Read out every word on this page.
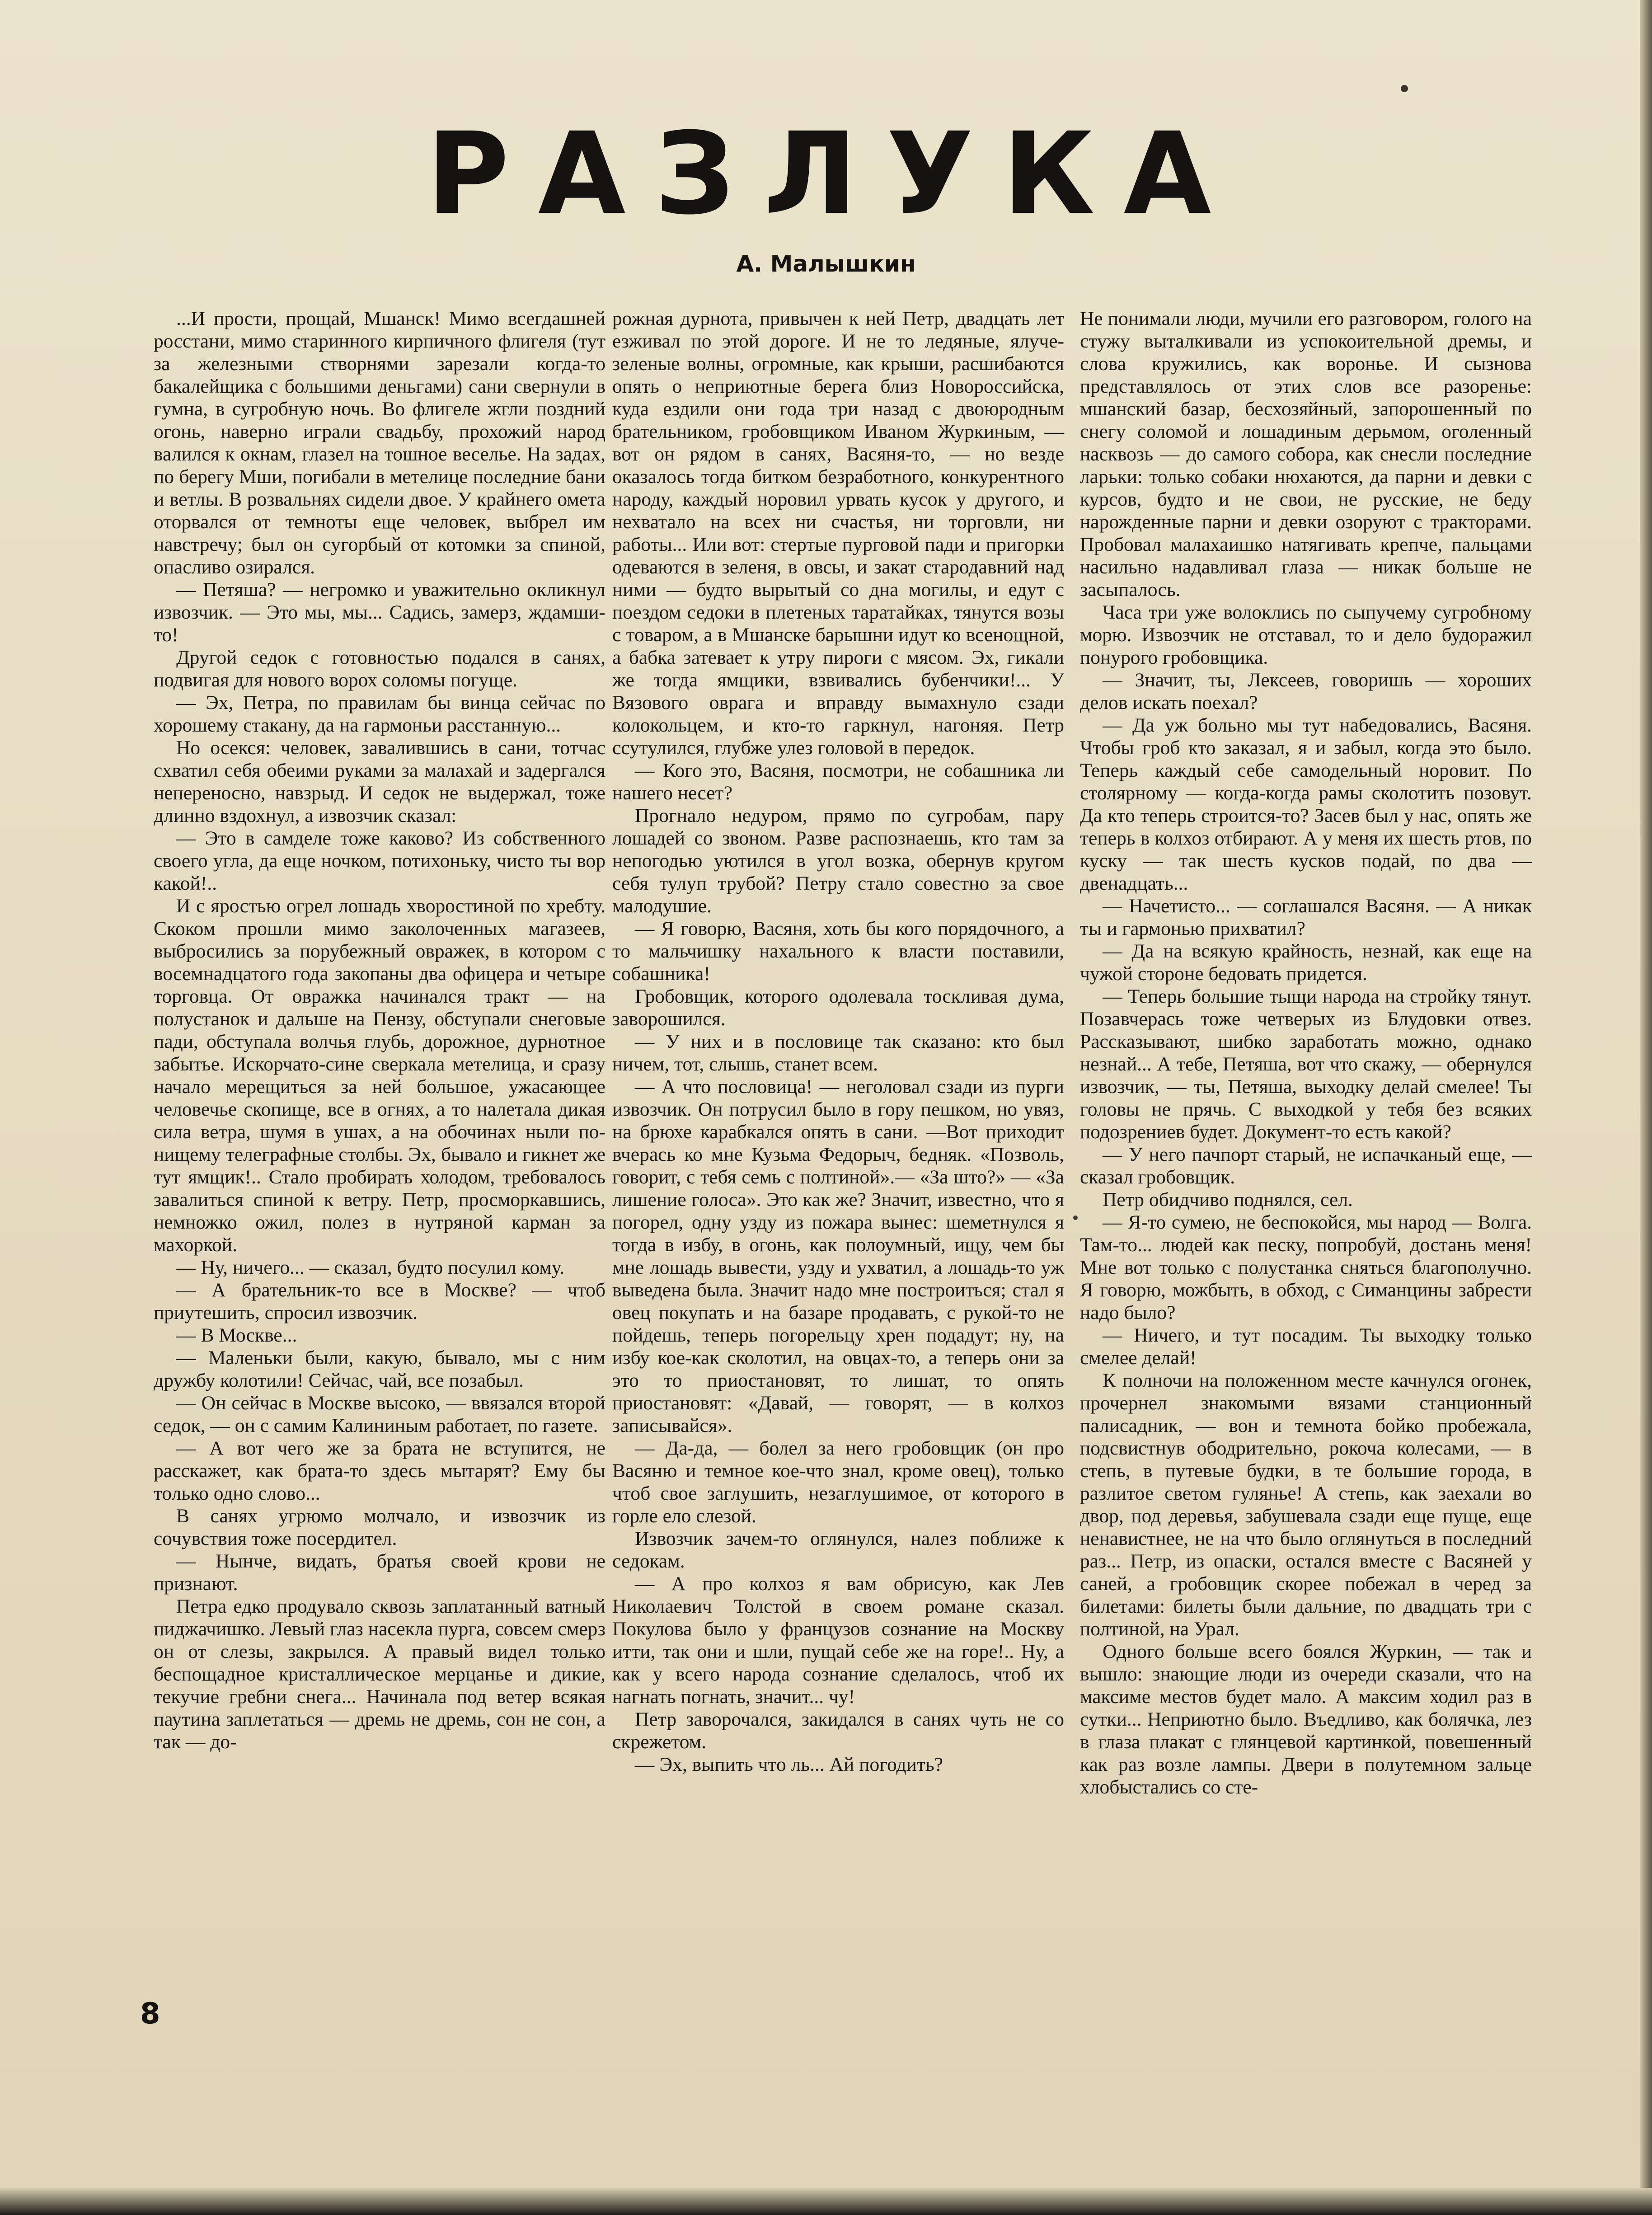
РАЗЛУКА
А. Малышкин

...И прости, прощай, Мшанск! Мимо всегдашней росстани, мимо старинного кирпичного флигеля (тут за железными створнями зарезали когда-то бакалейщика с большими деньгами) сани свернули в гумна, в сугробную ночь. Во флигеле жгли поздний огонь, наверно играли свадьбу, прохожий народ валился к окнам, глазел на тошное веселье. На задах, по берегу Мши, погибали в метелице последние бани и ветлы. В розвальнях сидели двое. У крайнего омета оторвался от темноты еще человек, выбрел им навстречу; был он сугорбый от котомки за спиной, опасливо озирался.

— Петяша? — негромко и уважительно окликнул извозчик. — Это мы, мы... Садись, замерз, ждамши-то!

Другой седок с готовностью подался в санях, подвигая для нового ворох соломы погуще.

— Эх, Петра, по правилам бы винца сейчас по хорошему стакану, да на гармоньи расстанную...

Но осекся: человек, завалившись в сани, тотчас схватил себя обеими руками за малахай и задергался непереносно, навзрыд. И седок не выдержал, тоже длинно вздохнул, а извозчик сказал:

— Это в самделе тоже каково? Из собственного своего угла, да еще ночком, потихоньку, чисто ты вор какой!..

И с яростью огрел лошадь хворостиной по хребту. Скоком прошли мимо заколоченных магазеев, выбросились за порубежный овражек, в котором с восемнадцатого года закопаны два офицера и четыре торговца. От овражка начинался тракт — на полустанок и дальше на Пензу, обступали снеговые пади, обступала волчья глубь, дорожное, дурнотное забытье. Искорчато-сине сверкала метелица, и сразу начало мерещиться за ней большое, ужасающее человечье скопище, все в огнях, а то налетала дикая сила ветра, шумя в ушах, а на обочинах ныли по-нищему телеграфные столбы. Эх, бывало и гикнет же тут ямщик!.. Стало пробирать холодом, требовалось завалиться спиной к ветру. Петр, просморкавшись, немножко ожил, полез в нутряной карман за махоркой.

— Ну, ничего... — сказал, будто посулил кому.

— А брательник-то все в Москве? — чтоб приутешить, спросил извозчик.

— В Москве...

— Маленьки были, какую, бывало, мы с ним дружбу колотили! Сейчас, чай, все позабыл.

— Он сейчас в Москве высоко, — ввязался второй седок, — он с самим Калининым работает, по газете.

— А вот чего же за брата не вступится, не расскажет, как брата-то здесь мытарят? Ему бы только одно слово...

В санях угрюмо молчало, и извозчик из сочувствия тоже посердител.

— Нынче, видать, братья своей крови не признают.

Петра едко продувало сквозь заплатанный ватный пиджачишко. Левый глаз насекла пурга, совсем смерз он от слезы, закрылся. А правый видел только беспощадное кристаллическое мерцанье и дикие, текучие гребни снега... Начинала под ветер всякая паутина заплетаться — дремь не дремь, сон не сон, а так — до-

рожная дурнота, привычен к ней Петр, двадцать лет езживал по этой дороге. И не то ледяные, ялуче-зеленые волны, огромные, как крыши, расшибаются опять о неприютные берега близ Новороссийска, куда ездили они года три назад с двоюродным брательником, гробовщиком Иваном Журкиным, — вот он рядом в санях, Васяня-то, — но везде оказалось тогда битком безработного, конкурентного народу, каждый норовил урвать кусок у другого, и нехватало на всех ни счастья, ни торговли, ни работы... Или вот: стертые пурговой пади и пригорки одеваются в зеленя, в овсы, и закат стародавний над ними — будто вырытый со дна могилы, и едут с поездом седоки в плетеных таратайках, тянутся возы с товаром, а в Мшанске барышни идут ко всенощной, а бабка затевает к утру пироги с мясом. Эх, гикали же тогда ямщики, взвивались бубенчики!... У Вязового оврага и вправду вымахнуло сзади колокольцем, и кто-то гаркнул, нагоняя. Петр ссутулился, глубже улез головой в передок.

— Кого это, Васяня, посмотри, не собашника ли нашего несет?

Прогнало недуром, прямо по сугробам, пару лошадей со звоном. Разве распознаешь, кто там за непогодью уютился в угол возка, обернув кругом себя тулуп трубой? Петру стало совестно за свое малодушие.

— Я говорю, Васяня, хоть бы кого порядочного, а то мальчишку нахального к власти поставили, собашника!

Гробовщик, которого одолевала тоскливая дума, заворошился.

— У них и в пословице так сказано: кто был ничем, тот, слышь, станет всем.

— А что пословица! — неголовал сзади из пурги извозчик. Он потрусил было в гору пешком, но увяз, на брюхе карабкался опять в сани. —Вот приходит вчерась ко мне Кузьма Федорыч, бедняк. «Позволь, говорит, с тебя семь с полтиной».— «За што?» — «За лишение голоса». Это как же? Значит, известно, что я погорел, одну узду из пожара вынес: шеметнулся я тогда в избу, в огонь, как полоумный, ищу, чем бы мне лошадь вывести, узду и ухватил, а лошадь-то уж выведена была. Значит надо мне построиться; стал я овец покупать и на базаре продавать, с рукой-то не пойдешь, теперь погорельцу хрен подадут; ну, на избу кое-как сколотил, на овцах-то, а теперь они за это то приостановят, то лишат, то опять приостановят: «Давай, — говорят, — в колхоз записывайся».

— Да-да, — болел за него гробовщик (он про Васяню и темное кое-что знал, кроме овец), только чтоб свое заглушить, незаглушимое, от которого в горле ело слезой.

Извозчик зачем-то оглянулся, налез поближе к седокам.

— А про колхоз я вам обрисую, как Лев Николаевич Толстой в своем романе сказал. Покулова было у французов сознание на Москву итти, так они и шли, пущай себе же на горе!.. Ну, а как у всего народа сознание сделалось, чтоб их нагнать погнать, значит... чу!

Петр заворочался, закидался в санях чуть не со скрежетом.

— Эх, выпить что ль... Ай погодить?

Не понимали люди, мучили его разговором, голого на стужу выталкивали из успокоительной дремы, и слова кружились, как воронье. И сызнова представлялось от этих слов все разоренье: мшанский базар, бесхозяйный, запорошенный по снегу соломой и лошадиным дерьмом, оголенный насквозь — до самого собора, как снесли последние ларьки: только собаки нюхаются, да парни и девки с курсов, будто и не свои, не русские, не беду нарожденные парни и девки озоруют с тракторами. Пробовал малахаишко натягивать крепче, пальцами насильно надавливал глаза — никак больше не засыпалось.

Часа три уже волоклись по сыпучему сугробному морю. Извозчик не отставал, то и дело будоражил понурого гробовщика.

— Значит, ты, Лексеев, говоришь — хороших делов искать поехал?

— Да уж больно мы тут набедовались, Васяня. Чтобы гроб кто заказал, я и забыл, когда это было. Теперь каждый себе самодельный норовит. По столярному — когда-когда рамы сколотить позовут. Да кто теперь строится-то? Засев был у нас, опять же теперь в колхоз отбирают. А у меня их шесть ртов, по куску — так шесть кусков подай, по два — двенадцать...

— Начетисто... — соглашался Васяня. — А никак ты и гармонью прихватил?

— Да на всякую крайность, незнай, как еще на чужой стороне бедовать придется.

— Теперь большие тыщи народа на стройку тянут. Позавчерась тоже четверых из Блудовки отвез. Рассказывают, шибко заработать можно, однако незнай... А тебе, Петяша, вот что скажу, — обернулся извозчик, — ты, Петяша, выходку делай смелее! Ты головы не прячь. С выходкой у тебя без всяких подозрениев будет. Документ-то есть какой?

— У него пачпорт старый, не испачканый еще, — сказал гробовщик.

Петр обидчиво поднялся, сел.

— Я-то сумею, не беспокойся, мы народ — Волга. Там-то... людей как песку, попробуй, достань меня! Мне вот только с полустанка сняться благополучно. Я говорю, можбыть, в обход, с Симанцины забрести надо было?

— Ничего, и тут посадим. Ты выходку только смелее делай!

К полночи на положенном месте качнулся огонек, прочернел знакомыми вязами станционный палисадник, — вон и темнота бойко пробежала, подсвистнув ободрительно, рокоча колесами, — в степь, в путевые будки, в те большие города, в разлитое светом гулянье! А степь, как заехали во двор, под деревья, забушевала сзади еще пуще, еще ненавистнее, не на что было оглянуться в последний раз... Петр, из опаски, остался вместе с Васяней у саней, а гробовщик скорее побежал в черед за билетами: билеты были дальние, по двадцать три с полтиной, на Урал.

Одного больше всего боялся Журкин, — так и вышло: знающие люди из очереди сказали, что на максиме местов будет мало. А максим ходил раз в сутки... Неприютно было. Въедливо, как болячка, лез в глаза плакат с глянцевой картинкой, повешенный как раз возле лампы. Двери в полутемном зальце хлобыстались со сте-

8
